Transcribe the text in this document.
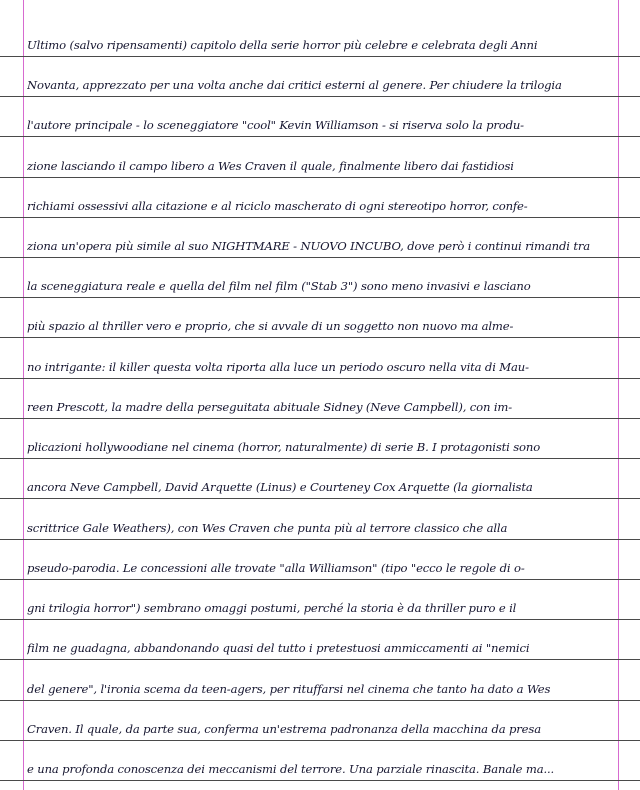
Ultimo (salvo ripensamenti) capitolo della serie horror più celebre e celebrata degli Anni
Novanta, apprezzato per una volta anche dai critici esterni al genere. Per chiudere la trilogia
l'autore principale - lo sceneggiatore "cool" Kevin Williamson - si riserva solo la produ-
zione lasciando il campo libero a Wes Craven il quale, finalmente libero dai fastidiosi
richiami ossessivi alla citazione e al riciclo mascherato di ogni stereotipo horror, confe-
ziona un'opera più simile al suo NIGHTMARE - NUOVO INCUBO, dove però i continui rimandi tra
la sceneggiatura reale e quella del film nel film ("Stab 3") sono meno invasivi e lasciano
più spazio al thriller vero e proprio, che si avvale di un soggetto non nuovo ma alme-
no intrigante: il killer questa volta riporta alla luce un periodo oscuro nella vita di Mau-
reen Prescott, la madre della perseguitata abituale Sidney (Neve Campbell), con im-
plicazioni hollywoodiane nel cinema (horror, naturalmente) di serie B. I protagonisti sono
ancora Neve Campbell, David Arquette (Linus) e Courteney Cox Arquette (la giornalista
scrittrice Gale Weathers), con Wes Craven che punta più al terrore classico che alla
pseudo-parodia. Le concessioni alle trovate "alla Williamson" (tipo "ecco le regole di o-
gni trilogia horror") sembrano omaggi postumi, perché la storia è da thriller puro e il
film ne guadagna, abbandonando quasi del tutto i pretestuosi ammiccamenti ai "nemici
del genere", l'ironia scema da teen-agers, per rituffarsi nel cinema che tanto ha dato a Wes
Craven. Il quale, da parte sua, conferma un'estrema padronanza della macchina da presa
e una profonda conoscenza dei meccanismi del terrore. Una parziale rinascita. Banale ma...
